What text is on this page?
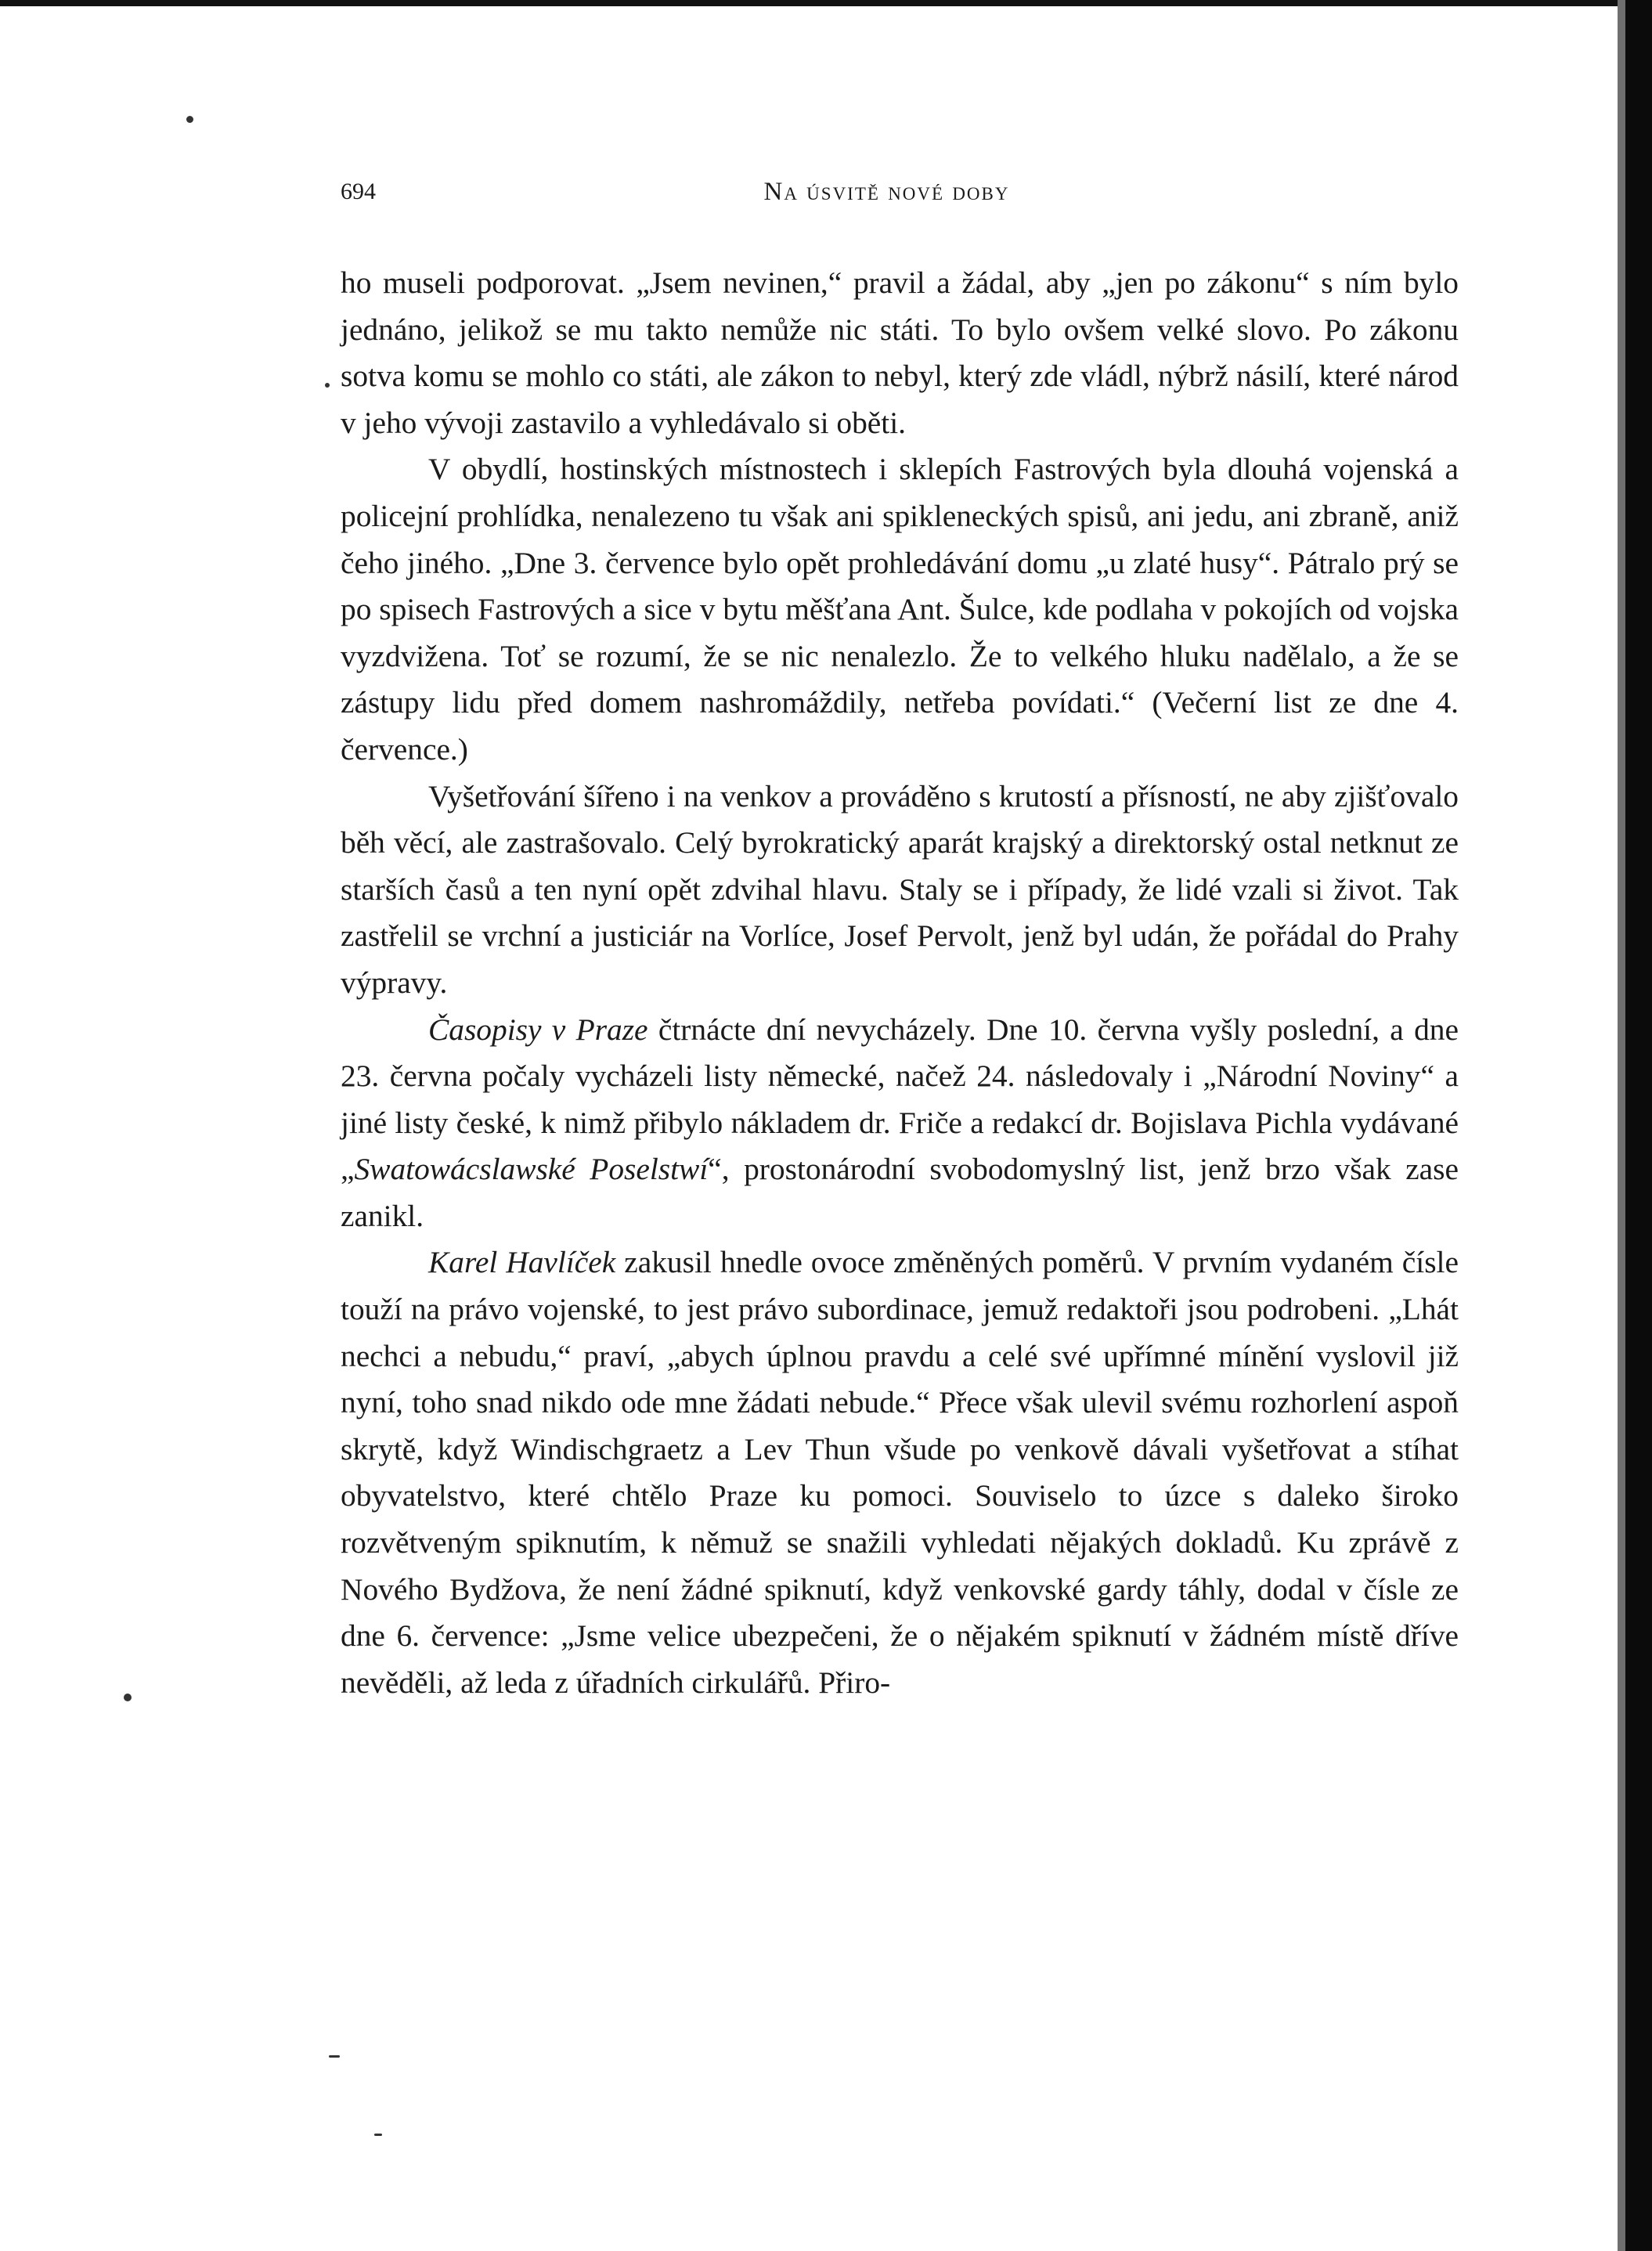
694	Na úsvitě nové doby

ho museli podporovat. „Jsem nevinen,“ pravil a žádal, aby „jen po zákonu“ s ním bylo jednáno, jelikož se mu takto nemůže nic státi. To bylo ovšem velké slovo. Po zákonu sotva komu se mohlo co státi, ale zákon to nebyl, který zde vládl, nýbrž násilí, které národ v jeho vývoji zastavilo a vyhledávalo si oběti.

V obydlí, hostinských místnostech i sklepích Fastrových byla dlouhá vojenská a policejní prohlídka, nenalezeno tu však ani spikleneckých spisů, ani jedu, ani zbraně, aniž čeho jiného. „Dne 3. července bylo opět prohledávání domu „u zlaté husy“. Pátralo prý se po spisech Fastrových a sice v bytu měšťana Ant. Šulce, kde podlaha v pokojích od vojska vyzdvižena. Toť se rozumí, že se nic nenalezlo. Že to velkého hluku nadělalo, a že se zástupy lidu před domem nashromáždily, netřeba povídati.“ (Večerní list ze dne 4. července.)

Vyšetřování šířeno i na venkov a prováděno s krutostí a přísností, ne aby zjišťovalo běh věcí, ale zastrašovalo. Celý byrokratický aparát krajský a direktorský ostal netknut ze starších časů a ten nyní opět zdvihal hlavu. Staly se i případy, že lidé vzali si život. Tak zastřelil se vrchní a justiciár na Vorlíce, Josef Pervolt, jenž byl udán, že pořádal do Prahy výpravy.

Časopisy v Praze čtrnácte dní nevycházely. Dne 10. června vyšly poslední, a dne 23. června počaly vycházeli listy německé, načež 24. následovaly i „Národní Noviny“ a jiné listy české, k nimž přibylo nákladem dr. Friče a redakcí dr. Bojislava Pichla vydávané „Swatowácslawské Poselstwí“, prostonárodní svobodomyslný list, jenž brzo však zase zanikl.

Karel Havlíček zakusil hnedle ovoce změněných poměrů. V prvním vydaném čísle touží na právo vojenské, to jest právo subordinace, jemuž redaktoři jsou podrobeni. „Lhát nechci a nebudu,“ praví, „abych úplnou pravdu a celé své upřímné mínění vyslovil již nyní, toho snad nikdo ode mne žádati nebude.“ Přece však ulevil svému rozhorlení aspoň skrytě, když Windischgraetz a Lev Thun všude po venkově dávali vyšetřovat a stíhat obyvatelstvo, které chtělo Praze ku pomoci. Souviselo to úzce s daleko široko rozvětveným spiknutím, k němuž se snažili vyhledati nějakých dokladů. Ku zprávě z Nového Bydžova, že není žádné spiknutí, když venkovské gardy táhly, dodal v čísle ze dne 6. července: „Jsme velice ubezpečeni, že o nějakém spiknutí v žádném místě dříve nevěděli, až leda z úřadních cirkulářů. Přiro-
